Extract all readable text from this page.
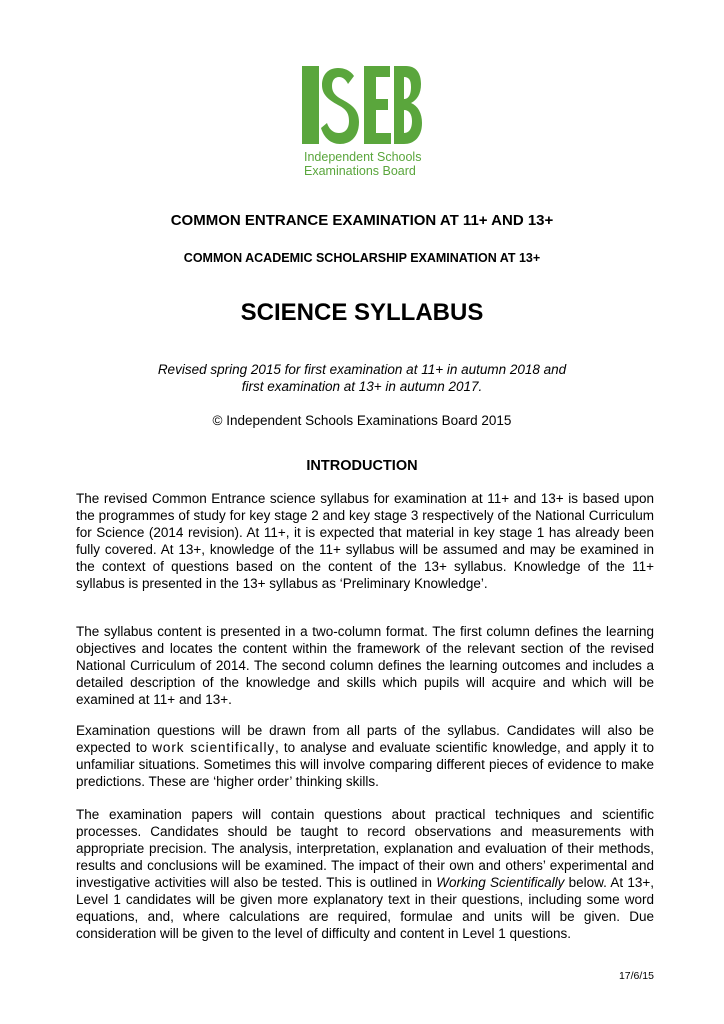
Independent Schools
Examinations Board
COMMON ENTRANCE EXAMINATION AT 11+ AND 13+
COMMON ACADEMIC SCHOLARSHIP EXAMINATION AT 13+
SCIENCE SYLLABUS
Revised spring 2015 for first examination at 11+ in autumn 2018 and
first examination at 13+ in autumn 2017.
© Independent Schools Examinations Board 2015
INTRODUCTION
The revised Common Entrance science syllabus for examination at 11+ and 13+ is based upon the programmes of study for key stage 2 and key stage 3 respectively of the National Curriculum for Science (2014 revision). At 11+, it is expected that material in key stage 1 has already been fully covered. At 13+, knowledge of the 11+ syllabus will be assumed and may be examined in the context of questions based on the content of the 13+ syllabus. Knowledge of the 11+ syllabus is presented in the 13+ syllabus as ‘Preliminary Knowledge’.
The syllabus content is presented in a two-column format. The first column defines the learning objectives and locates the content within the framework of the relevant section of the revised National Curriculum of 2014. The second column defines the learning outcomes and includes a detailed description of the knowledge and skills which pupils will acquire and which will be examined at 11+ and 13+.
Examination questions will be drawn from all parts of the syllabus. Candidates will also be expected to work scientifically, to analyse and evaluate scientific knowledge, and apply it to unfamiliar situations. Sometimes this will involve comparing different pieces of evidence to make predictions. These are ‘higher order’ thinking skills.
The examination papers will contain questions about practical techniques and scientific processes. Candidates should be taught to record observations and measurements with appropriate precision. The analysis, interpretation, explanation and evaluation of their methods, results and conclusions will be examined. The impact of their own and others’ experimental and investigative activities will also be tested. This is outlined in Working Scientifically below. At 13+, Level 1 candidates will be given more explanatory text in their questions, including some word equations, and, where calculations are required, formulae and units will be given. Due consideration will be given to the level of difficulty and content in Level 1 questions.
17/6/15
